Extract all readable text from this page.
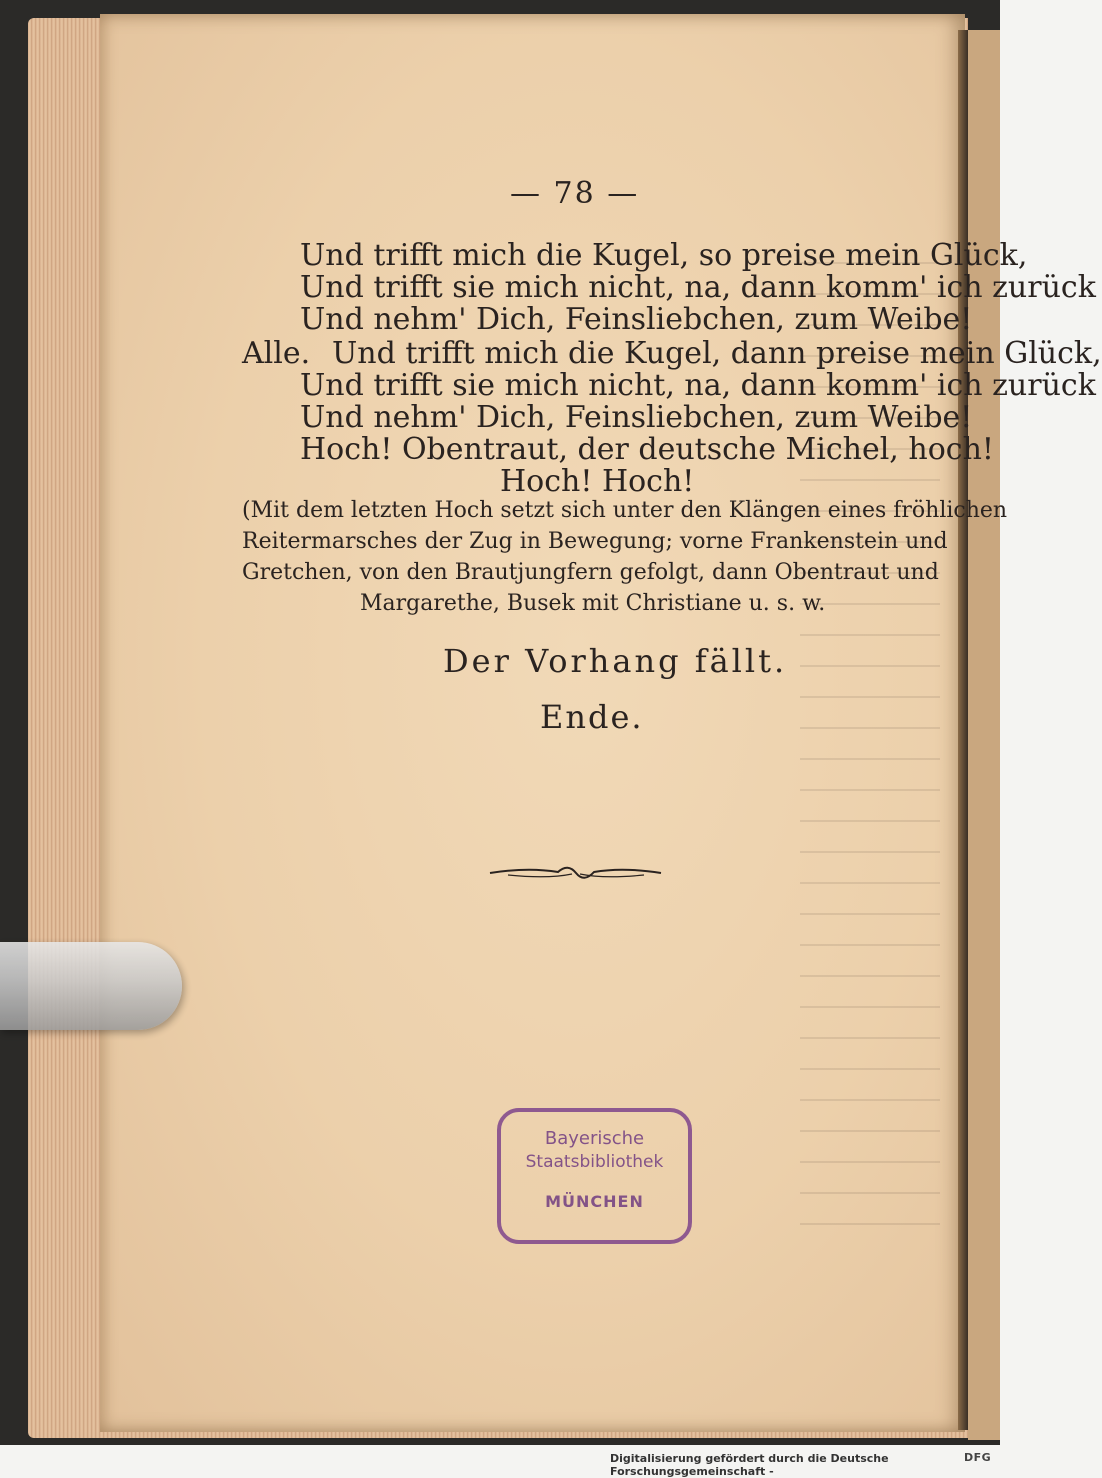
— 78 —
Und trifft mich die Kugel, so preise mein Glück,
Und trifft sie mich nicht, na, dann komm' ich zurück
Und nehm' Dich, Feinsliebchen, zum Weibe!
Alle. Und trifft mich die Kugel, dann preise mein Glück,
Und trifft sie mich nicht, na, dann komm' ich zurück
Und nehm' Dich, Feinsliebchen, zum Weibe!
Hoch! Obentraut, der deutsche Michel, hoch!
Hoch! Hoch!
(Mit dem letzten Hoch setzt sich unter den Klängen eines fröhlichen
Reitermarsches der Zug in Bewegung; vorne Frankenstein und
Gretchen, von den Brautjungfern gefolgt, dann Obentraut und
Margarethe, Busek mit Christiane u. s. w.
Der Vorhang fällt.
Ende.
Bayerische
Staatsbibliothek
MÜNCHEN
Digitalisierung gefördert durch die Deutsche Forschungsgemeinschaft -
DFG
